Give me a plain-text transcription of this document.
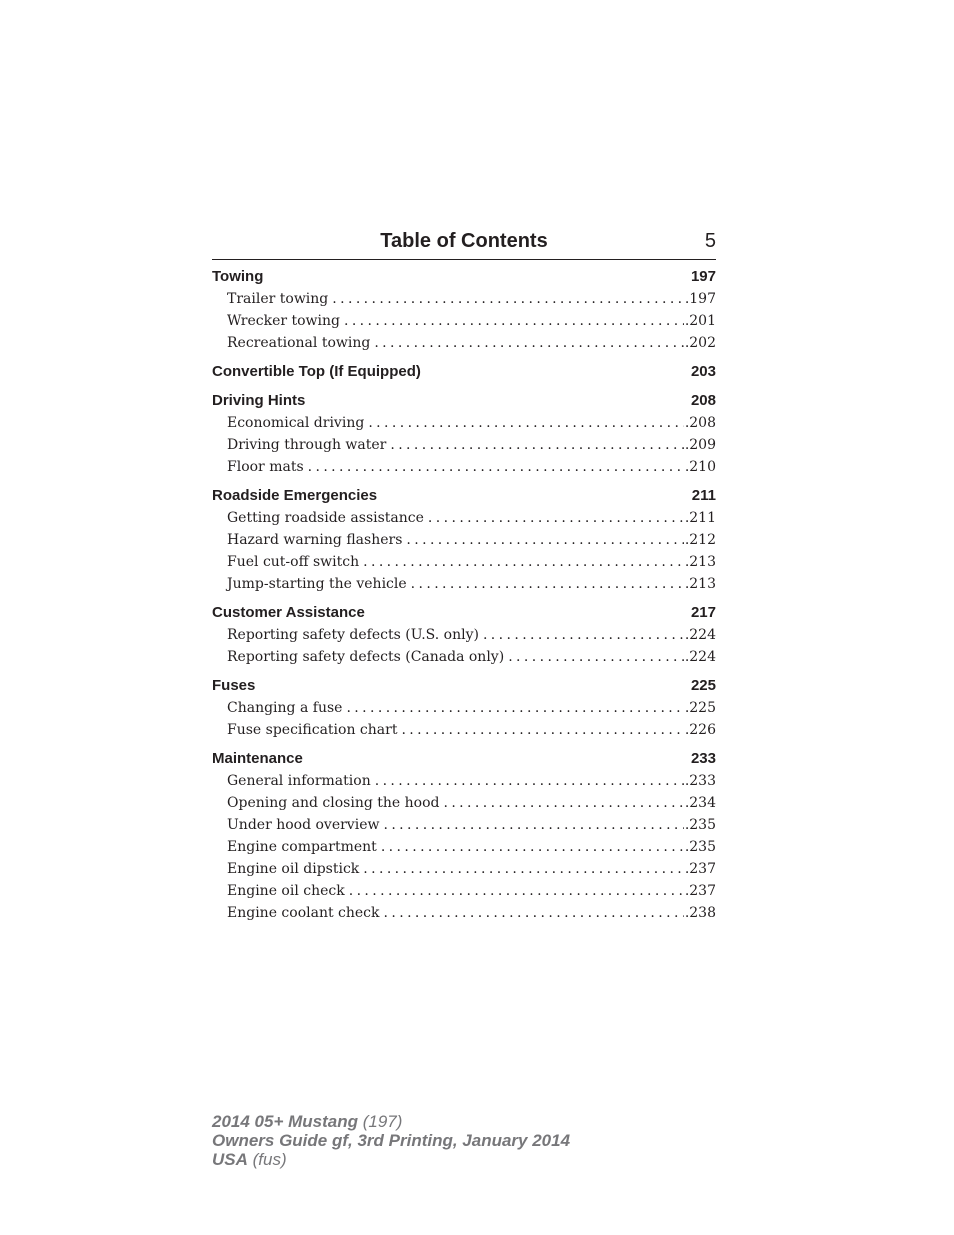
Table of Contents	5
Towing	197
Trailer towing .....	.197
Wrecker towing .....	.201
Recreational towing .....	.202
Convertible Top (If Equipped)	203
Driving Hints	208
Economical driving .....	.208
Driving through water .....	.209
Floor mats .....	.210
Roadside Emergencies	211
Getting roadside assistance .....	.211
Hazard warning flashers .....	.212
Fuel cut-off switch .....	.213
Jump-starting the vehicle .....	.213
Customer Assistance	217
Reporting safety defects (U.S. only) .....	.224
Reporting safety defects (Canada only) .....	.224
Fuses	225
Changing a fuse .....	.225
Fuse specification chart .....	.226
Maintenance	233
General information .....	.233
Opening and closing the hood .....	.234
Under hood overview .....	.235
Engine compartment .....	.235
Engine oil dipstick .....	.237
Engine oil check .....	.237
Engine coolant check .....	.238
2014 05+ Mustang (197)
Owners Guide gf, 3rd Printing, January 2014
USA (fus)
